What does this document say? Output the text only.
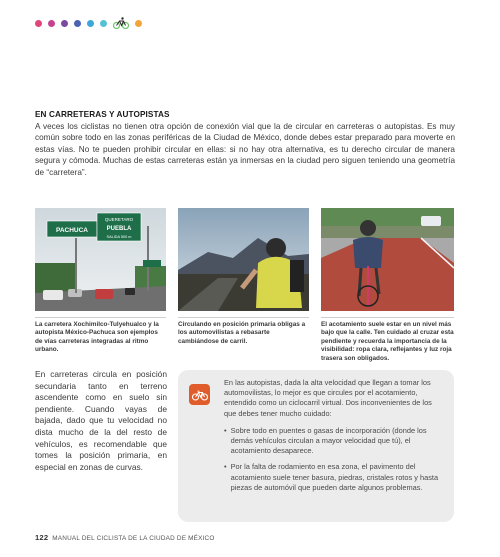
EN CARRETERAS Y AUTOPISTAS
A veces los ciclistas no tienen otra opción de conexión vial que la de circular en carreteras o autopistas. Es muy común sobre todo en las zonas periféricas de la Ciudad de México, donde debes estar preparado para moverte en estas vías. No te pueden prohibir circular en ellas: si no hay otra alternativa, es tu derecho circular de manera segura y cómoda. Muchas de estas carreteras están ya inmersas en la ciudad pero siguen teniendo una geometría de “carretera”.
PACHUCA
QUERETARO
PUEBLA
SALIDA 500 m
La carretera Xochimilco-Tulyehualco y la autopista México-Pachuca son ejemplos de vías carreteras integradas al ritmo urbano.
Circulando en posición primaria obligas a los automovilistas a rebasarte cambiándose de carril.
El acotamiento suele estar en un nivel más bajo que la calle. Ten cuidado al cruzar esta pendiente y recuerda la importancia de la visibilidad: ropa clara, reflejantes y luz roja trasera son obligados.
En carreteras circula en posición secundaria tanto en terreno ascendente como en suelo sin pendiente. Cuando vayas de bajada, dado que tu velocidad no dista mucho de la del resto de vehículos, es recomendable que tomes la posición primaria, en especial en zonas de curvas.

En las autopistas, dada la alta velocidad que llegan a tomar los automovilistas, lo mejor es que circules por el acotamiento, entendido como un ciclocarril virtual. Dos inconvenientes de los que debes tener mucho cuidado:

• Sobre todo en puentes o gasas de incorporación (donde los demás vehículos circulan a mayor velocidad que tú), el acotamiento desaparece.
• Por la falta de rodamiento en esa zona, el pavimento del acotamiento suele tener basura, piedras, cristales rotos y hasta piezas de automóvil que pueden darte algunos problemas.
122 MANUAL DEL CICLISTA DE LA CIUDAD DE MÉXICO
